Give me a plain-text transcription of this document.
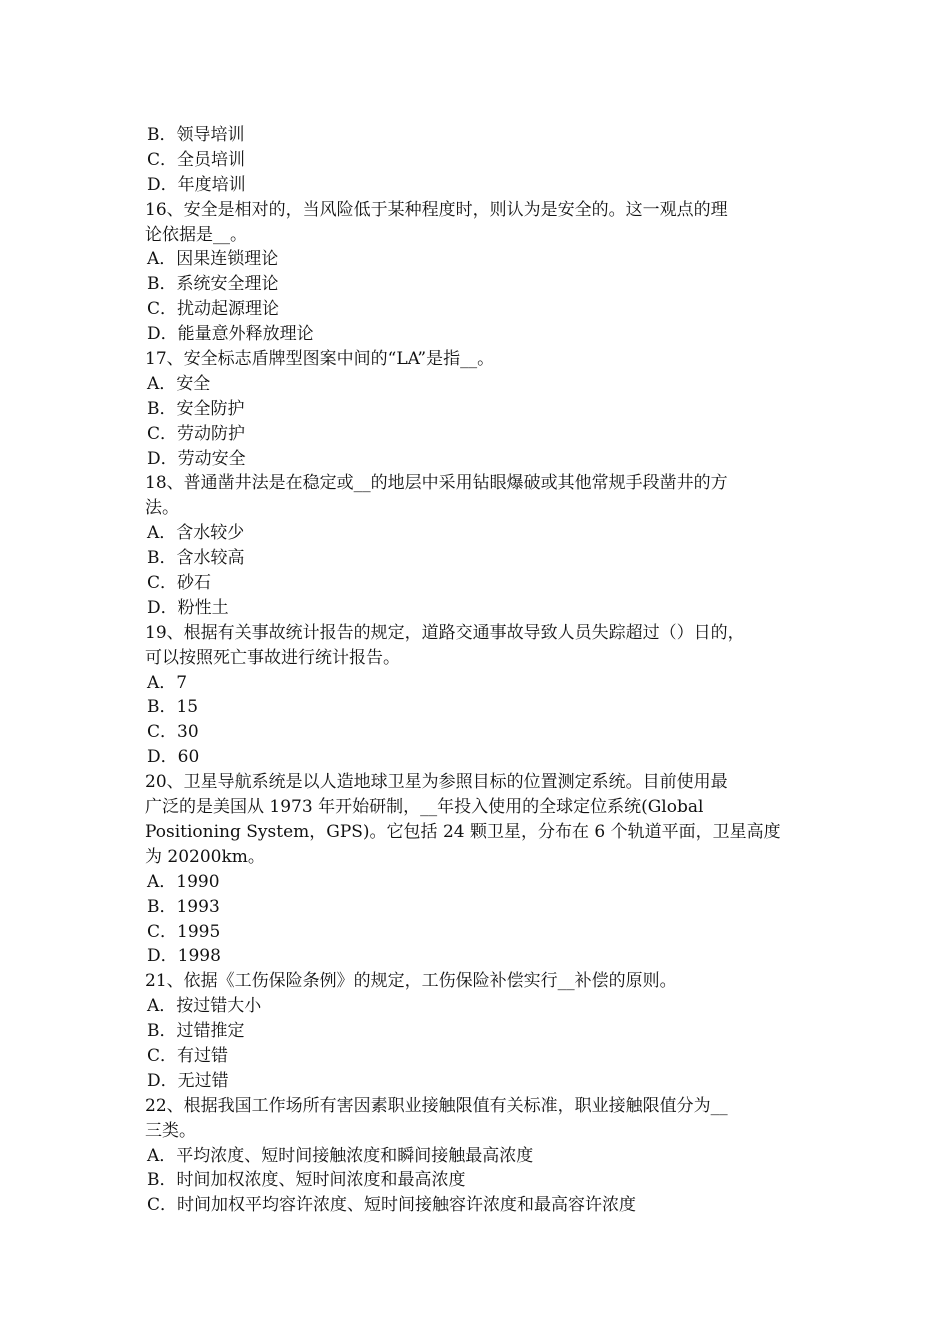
B．领导培训
C．全员培训
D．年度培训
16、安全是相对的，当风险低于某种程度时，则认为是安全的。这一观点的理
论依据是__。
A．因果连锁理论
B．系统安全理论
C．扰动起源理论
D．能量意外释放理论
17、安全标志盾牌型图案中间的“LA”是指__。
A．安全
B．安全防护
C．劳动防护
D．劳动安全
18、普通凿井法是在稳定或__的地层中采用钻眼爆破或其他常规手段凿井的方
法。
A．含水较少
B．含水较高
C．砂石
D．粉性土
19、根据有关事故统计报告的规定，道路交通事故导致人员失踪超过（）日的，
可以按照死亡事故进行统计报告。
A．7
B．15
C．30
D．60
20、卫星导航系统是以人造地球卫星为参照目标的位置测定系统。目前使用最
广泛的是美国从 1973 年开始研制，__年投入使用的全球定位系统(Global
Positioning System，GPS)。它包括 24 颗卫星，分布在 6 个轨道平面，卫星高度
为 20200km。
A．1990
B．1993
C．1995
D．1998
21、依据《工伤保险条例》的规定，工伤保险补偿实行__补偿的原则。
A．按过错大小
B．过错推定
C．有过错
D．无过错
22、根据我国工作场所有害因素职业接触限值有关标准，职业接触限值分为__
三类。
A．平均浓度、短时间接触浓度和瞬间接触最高浓度
B．时间加权浓度、短时间浓度和最高浓度
C．时间加权平均容许浓度、短时间接触容许浓度和最高容许浓度
